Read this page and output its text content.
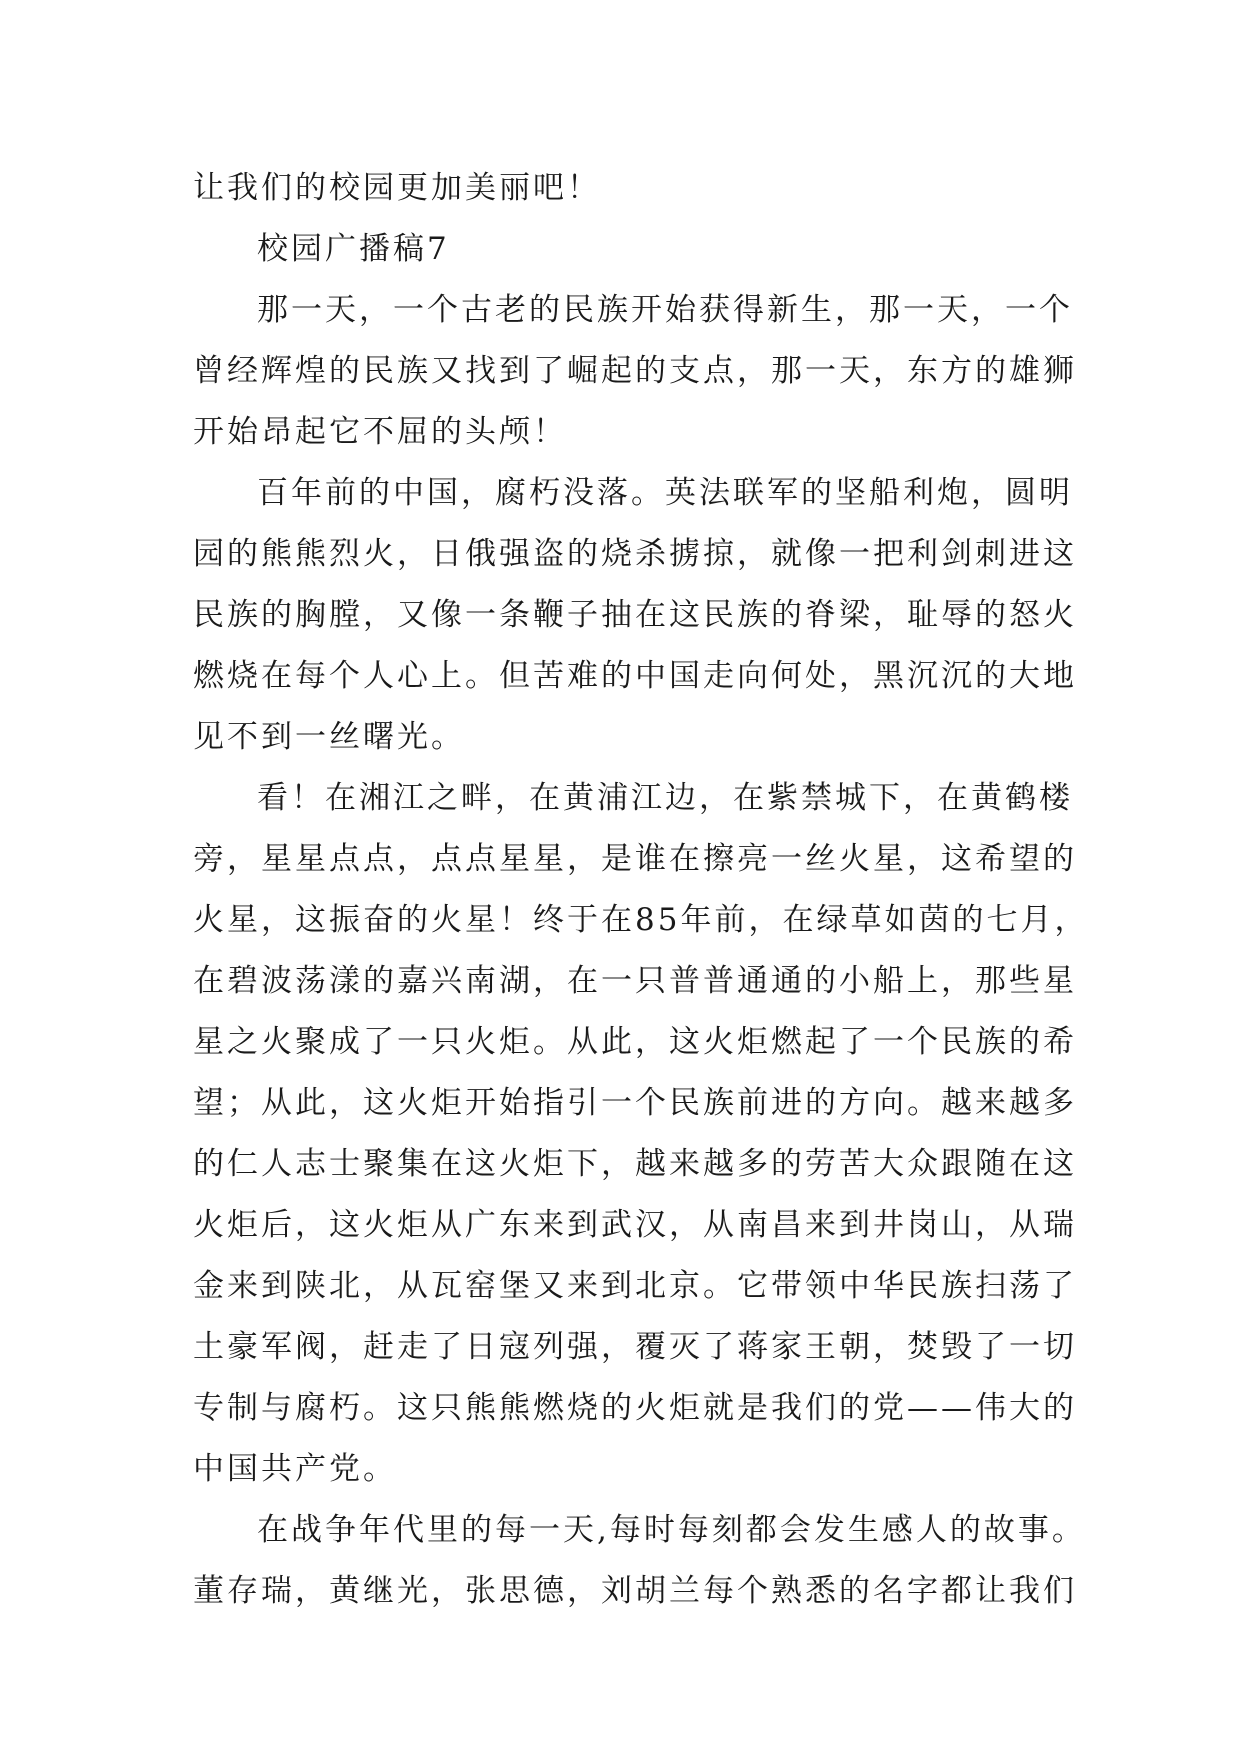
让我们的校园更加美丽吧！
校园广播稿7
那一天，一个古老的民族开始获得新生，那一天，一个
曾经辉煌的民族又找到了崛起的支点，那一天，东方的雄狮
开始昂起它不屈的头颅！
百年前的中国，腐朽没落。英法联军的坚船利炮，圆明
园的熊熊烈火，日俄强盗的烧杀掳掠，就像一把利剑刺进这
民族的胸膛，又像一条鞭子抽在这民族的脊梁，耻辱的怒火
燃烧在每个人心上。但苦难的中国走向何处，黑沉沉的大地
见不到一丝曙光。
看！在湘江之畔，在黄浦江边，在紫禁城下，在黄鹤楼
旁，星星点点，点点星星，是谁在擦亮一丝火星，这希望的
火星，这振奋的火星！终于在85年前，在绿草如茵的七月，
在碧波荡漾的嘉兴南湖，在一只普普通通的小船上，那些星
星之火聚成了一只火炬。从此，这火炬燃起了一个民族的希
望；从此，这火炬开始指引一个民族前进的方向。越来越多
的仁人志士聚集在这火炬下，越来越多的劳苦大众跟随在这
火炬后，这火炬从广东来到武汉，从南昌来到井岗山，从瑞
金来到陕北，从瓦窑堡又来到北京。它带领中华民族扫荡了
土豪军阀，赶走了日寇列强，覆灭了蒋家王朝，焚毁了一切
专制与腐朽。这只熊熊燃烧的火炬就是我们的党——伟大的
中国共产党。
在战争年代里的每一天,每时每刻都会发生感人的故事。
董存瑞，黄继光，张思德，刘胡兰每个熟悉的名字都让我们
